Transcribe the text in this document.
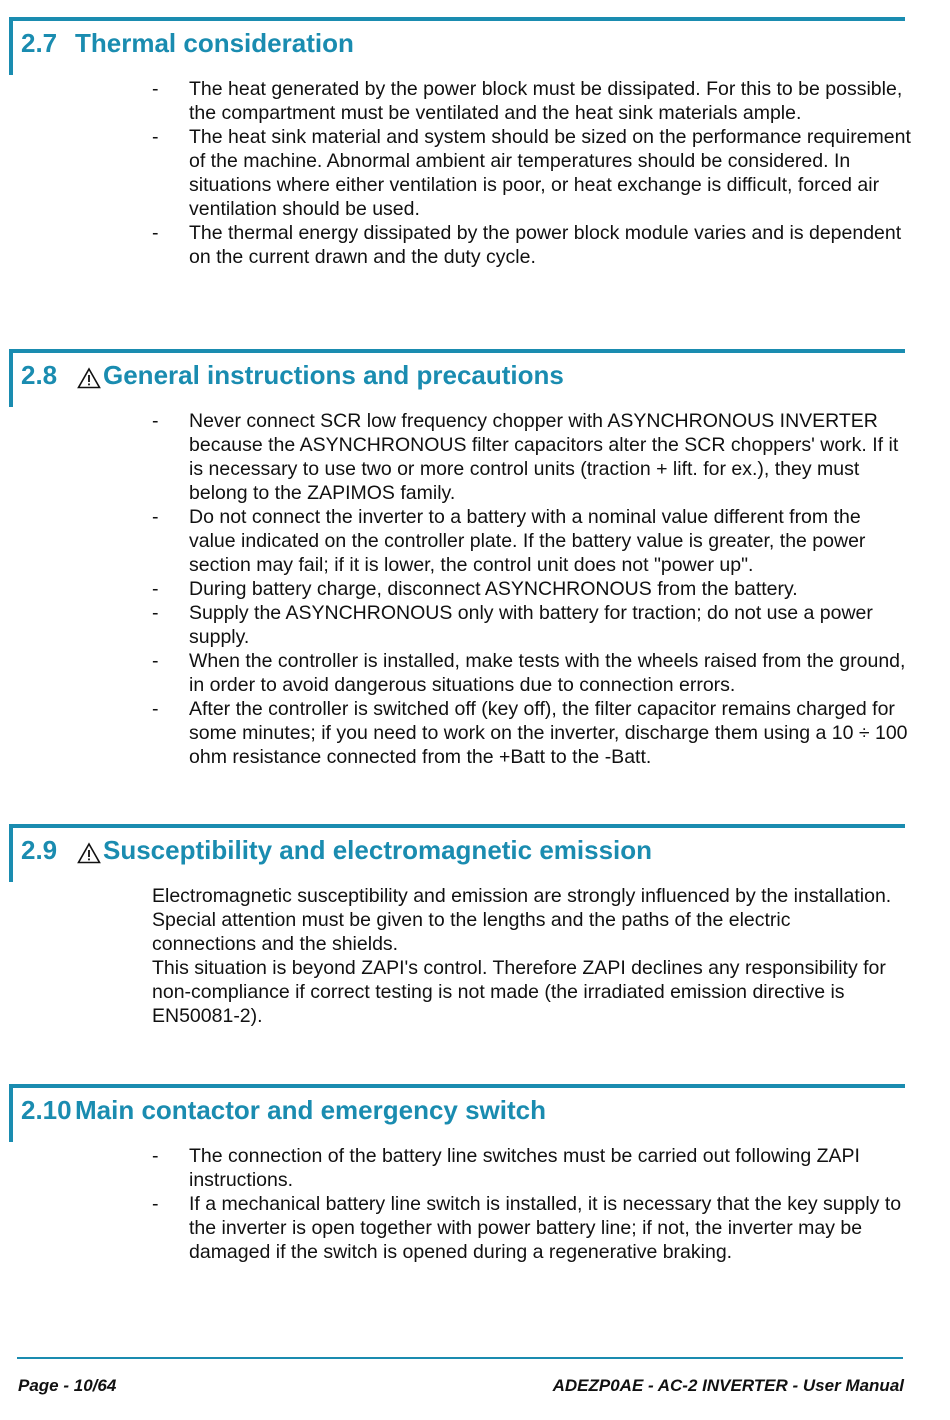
2.7 Thermal consideration
- The heat generated by the power block must be dissipated. For this to be possible, the compartment must be ventilated and the heat sink materials ample.
- The heat sink material and system should be sized on the performance requirement of the machine. Abnormal ambient air temperatures should be considered. In situations where either ventilation is poor, or heat exchange is difficult, forced air ventilation should be used.
- The thermal energy dissipated by the power block module varies and is dependent on the current drawn and the duty cycle.
2.8 General instructions and precautions
- Never connect SCR low frequency chopper with ASYNCHRONOUS INVERTER because the ASYNCHRONOUS filter capacitors alter the SCR choppers' work. If it is necessary to use two or more control units (traction + lift. for ex.), they must belong to the ZAPIMOS family.
- Do not connect the inverter to a battery with a nominal value different from the value indicated on the controller plate. If the battery value is greater, the power section may fail; if it is lower, the control unit does not "power up".
- During battery charge, disconnect ASYNCHRONOUS from the battery.
- Supply the ASYNCHRONOUS only with battery for traction; do not use a power supply.
- When the controller is installed, make tests with the wheels raised from the ground, in order to avoid dangerous situations due to connection errors.
- After the controller is switched off (key off), the filter capacitor remains charged for some minutes; if you need to work on the inverter, discharge them using a 10 ÷ 100 ohm resistance connected from the +Batt to the -Batt.
2.9 Susceptibility and electromagnetic emission

Electromagnetic susceptibility and emission are strongly influenced by the installation. Special attention must be given to the lengths and the paths of the electric connections and the shields.

This situation is beyond ZAPI's control. Therefore ZAPI declines any responsibility for non-compliance if correct testing is not made (the irradiated emission directive is EN50081-2).

2.10 Main contactor and emergency switch
- The connection of the battery line switches must be carried out following ZAPI instructions.
- If a mechanical battery line switch is installed, it is necessary that the key supply to the inverter is open together with power battery line; if not, the inverter may be damaged if the switch is opened during a regenerative braking.
Page - 10/64	ADEZP0AE - AC-2 INVERTER - User Manual
